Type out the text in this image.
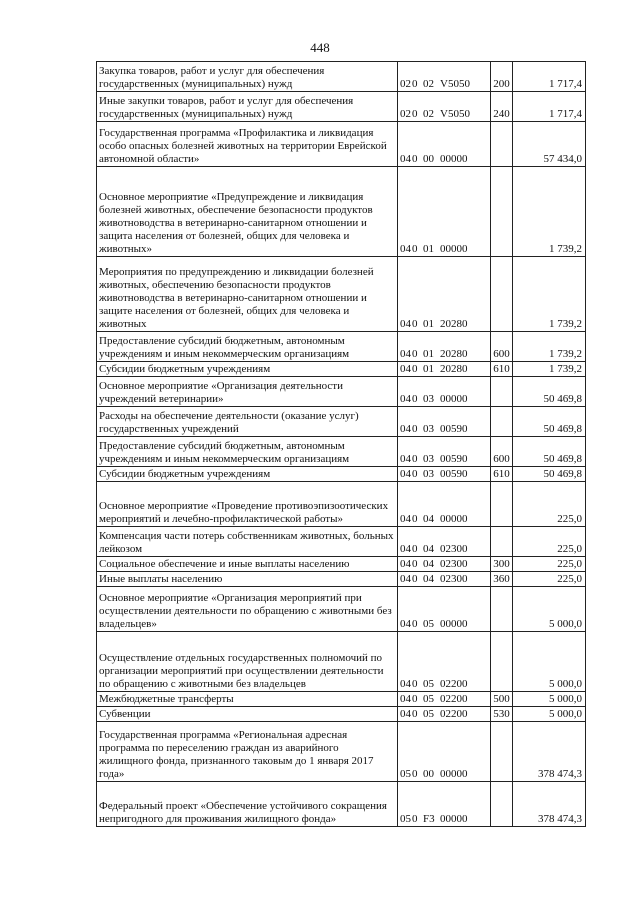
448
Закупка товаров, работ и услуг для обеспечения государственных (муниципальных) нужд	020 02 V5050	200	1 717,4
Иные закупки товаров, работ и услуг для обеспечения государственных (муниципальных) нужд	020 02 V5050	240	1 717,4
Государственная программа «Профилактика и ликвидация особо опасных болезней животных на территории Еврейской автономной области»	040 00 00000		57 434,0
Основное мероприятие «Предупреждение и ликвидация болезней животных, обеспечение безопасности продуктов животноводства в ветеринарно-санитарном отношении и защита населения от болезней, общих для человека и животных»	040 01 00000		1 739,2
Мероприятия по предупреждению и ликвидации болезней животных, обеспечению безопасности продуктов животноводства в ветеринарно-санитарном отношении и защите населения от болезней, общих для человека и животных	040 01 20280		1 739,2
Предоставление субсидий бюджетным, автономным учреждениям и иным некоммерческим организациям	040 01 20280	600	1 739,2
Субсидии бюджетным учреждениям	040 01 20280	610	1 739,2
Основное мероприятие «Организация деятельности учреждений ветеринарии»	040 03 00000		50 469,8
Расходы на обеспечение деятельности (оказание услуг) государственных учреждений	040 03 00590		50 469,8
Предоставление субсидий бюджетным, автономным учреждениям и иным некоммерческим организациям	040 03 00590	600	50 469,8
Субсидии бюджетным учреждениям	040 03 00590	610	50 469,8
Основное мероприятие «Проведение противоэпизоотических мероприятий и лечебно-профилактической работы»	040 04 00000		225,0
Компенсация части потерь собственникам животных, больных лейкозом	040 04 02300		225,0
Социальное обеспечение и иные выплаты населению	040 04 02300	300	225,0
Иные выплаты населению	040 04 02300	360	225,0
Основное мероприятие «Организация мероприятий при осуществлении деятельности по обращению с животными без владельцев»	040 05 00000		5 000,0
Осуществление отдельных государственных полномочий по организации мероприятий при осуществлении деятельности по обращению с животными без владельцев	040 05 02200		5 000,0
Межбюджетные трансферты	040 05 02200	500	5 000,0
Субвенции	040 05 02200	530	5 000,0
Государственная программа «Региональная адресная программа по переселению граждан из аварийного жилищного фонда, признанного таковым до 1 января 2017 года»	050 00 00000		378 474,3
Федеральный проект «Обеспечение устойчивого сокращения непригодного для проживания жилищного фонда»	050 F3 00000		378 474,3
